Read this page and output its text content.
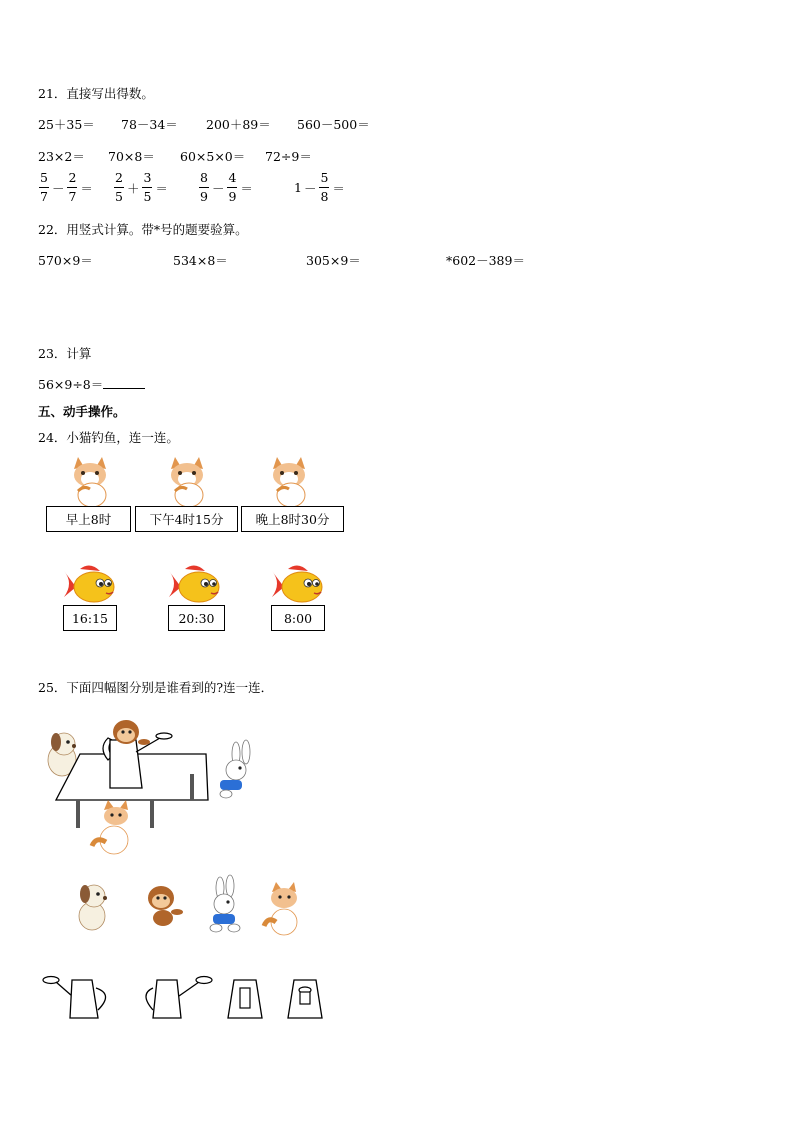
21．直接写出得数。
25＋35＝ 78－34＝ 200＋89＝ 560－500＝
23×2＝ 70×8＝ 60×5×0＝ 72÷9＝
$\frac{5}{7} - \frac{2}{7} = \frac{2}{5} + \frac{3}{5} = \frac{8}{9} - \frac{4}{9}$ ＝	$1 - \frac{5}{8}$ ＝
22．用竖式计算。带*号的题要验算。
570×9＝	534×8＝	305×9＝	*602－389＝
23．计算
56×9÷8＝
五、动手操作。
24．小猫钓鱼，连一连。
早上8时	下午4时15分	晚上8时30分
16:15	20:30	8:00
25．下面四幅图分别是谁看到的?连一连．
